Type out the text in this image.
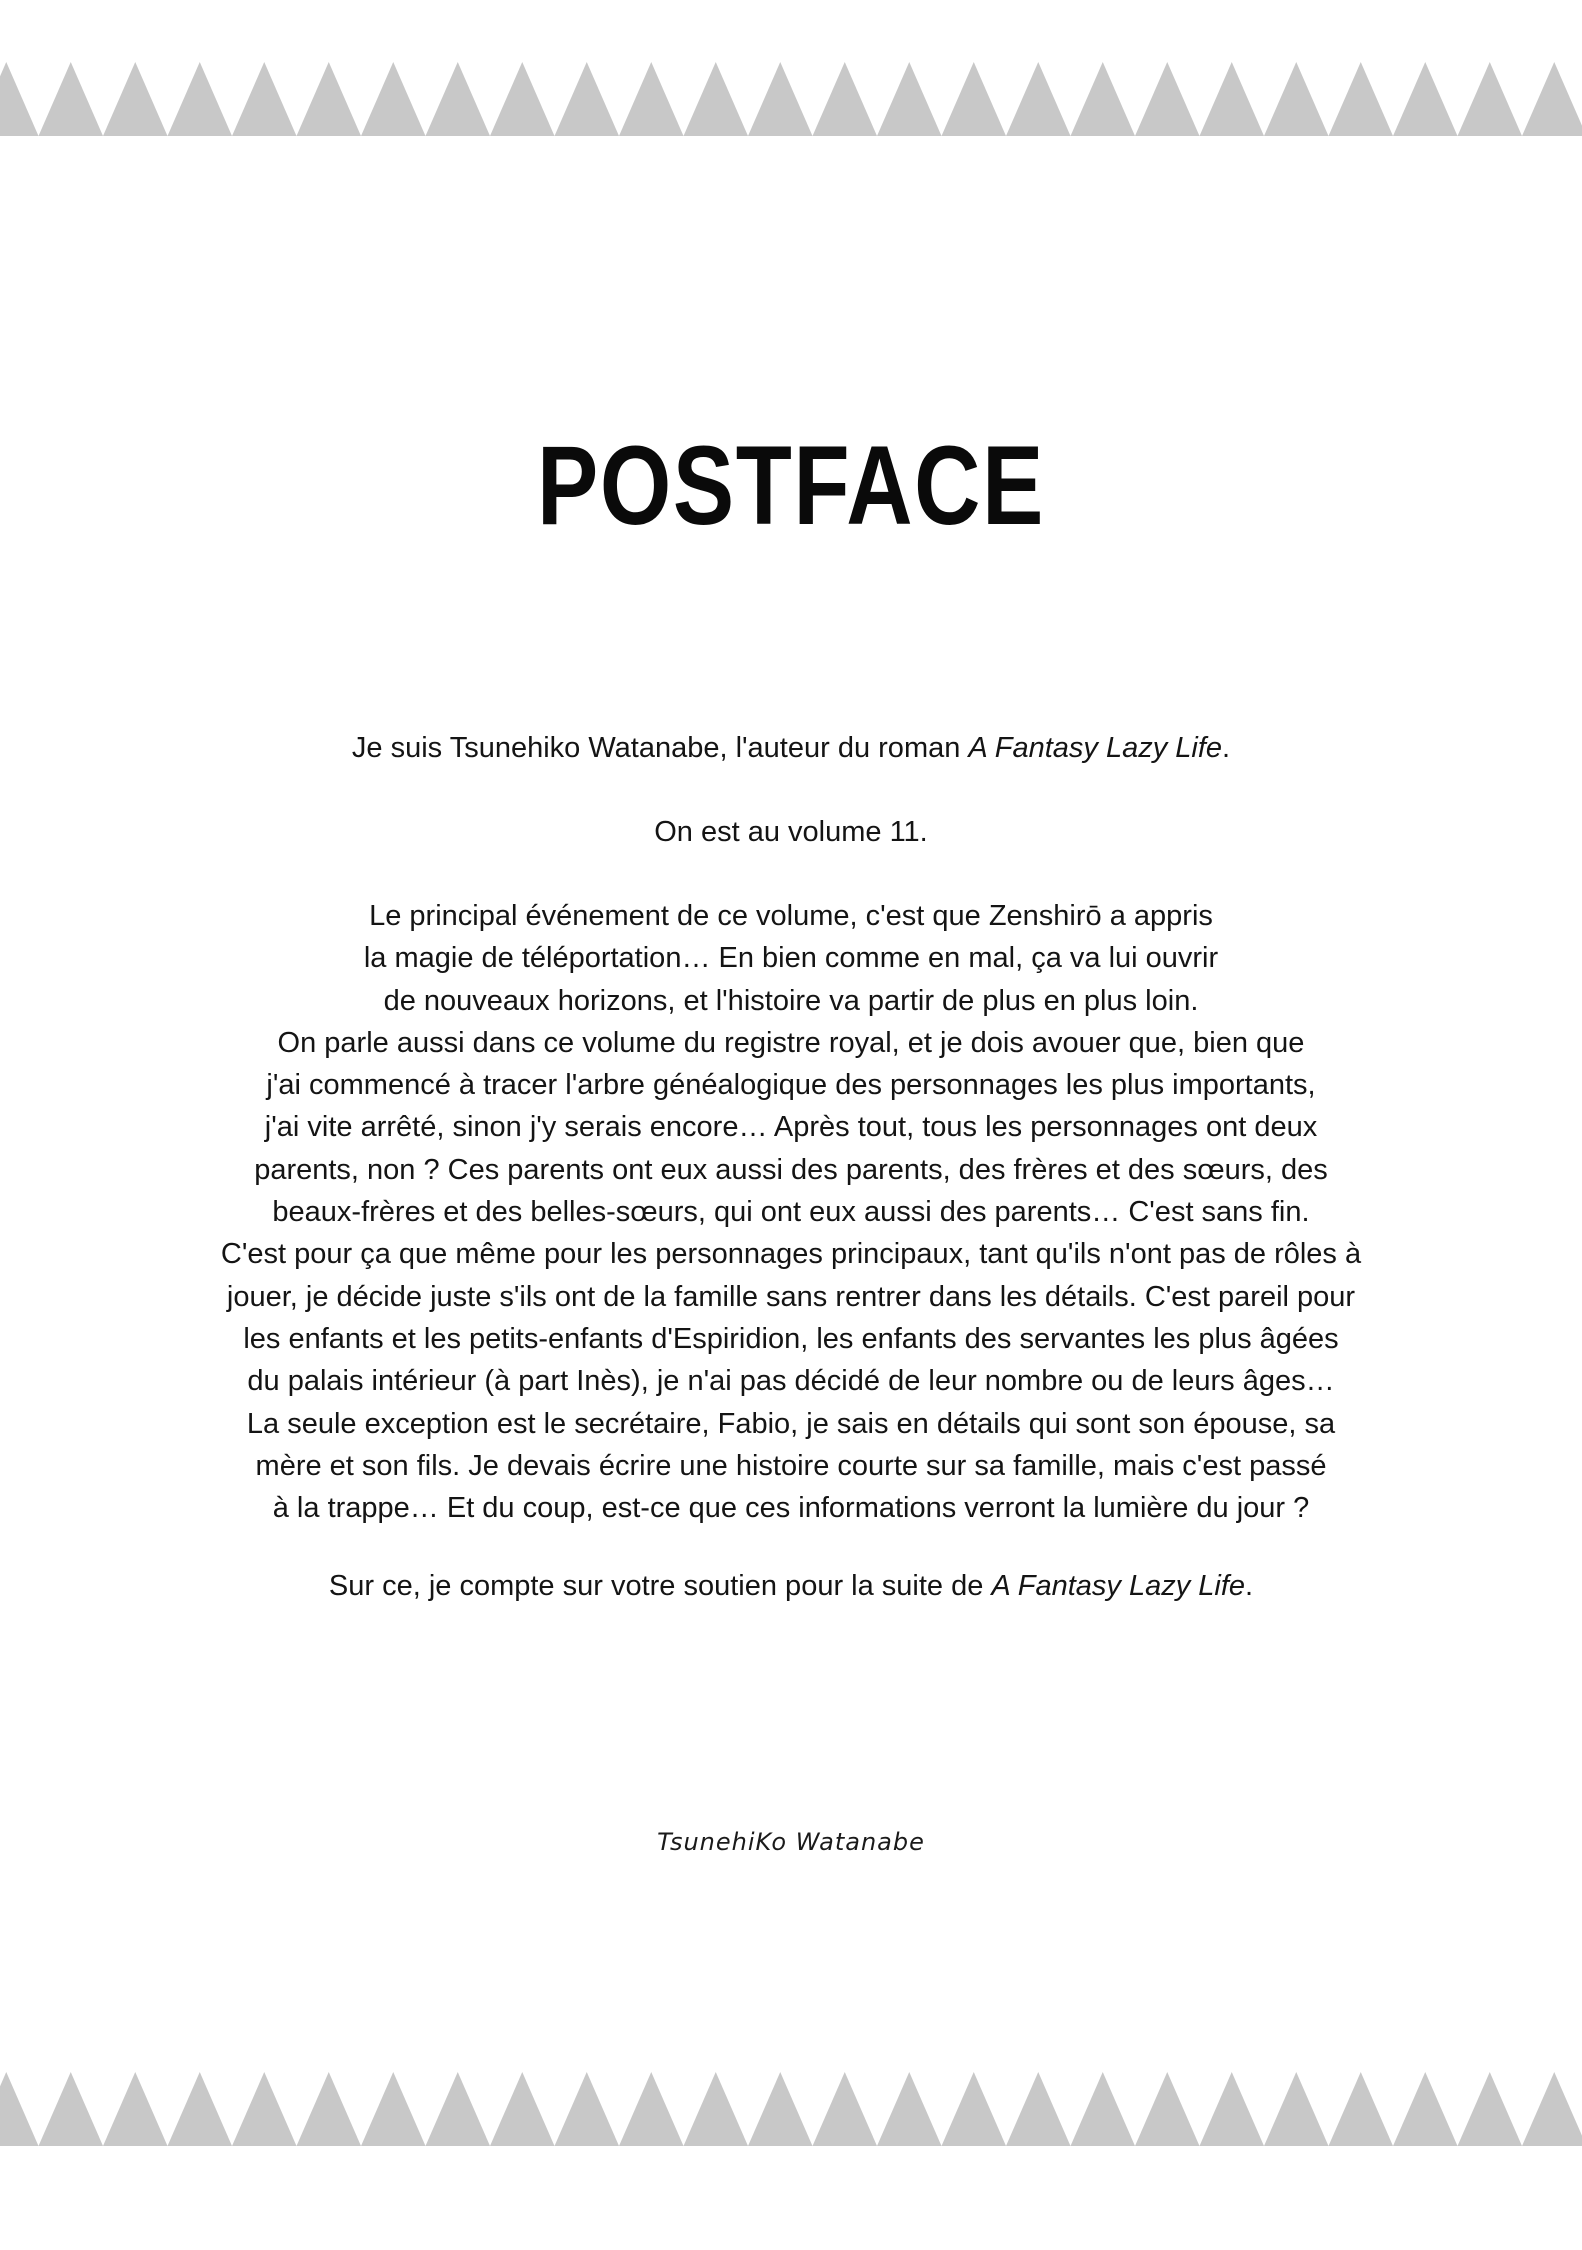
POSTFACE

Je suis Tsunehiko Watanabe, l'auteur du roman A Fantasy Lazy Life.

On est au volume 11.

Le principal événement de ce volume, c'est que Zenshirō a appris
la magie de téléportation… En bien comme en mal, ça va lui ouvrir
de nouveaux horizons, et l'histoire va partir de plus en plus loin.
On parle aussi dans ce volume du registre royal, et je dois avouer que, bien que
j'ai commencé à tracer l'arbre généalogique des personnages les plus importants,
j'ai vite arrêté, sinon j'y serais encore… Après tout, tous les personnages ont deux
parents, non ? Ces parents ont eux aussi des parents, des frères et des sœurs, des
beaux-frères et des belles-sœurs, qui ont eux aussi des parents… C'est sans fin.
C'est pour ça que même pour les personnages principaux, tant qu'ils n'ont pas de rôles à
jouer, je décide juste s'ils ont de la famille sans rentrer dans les détails. C'est pareil pour
les enfants et les petits-enfants d'Espiridion, les enfants des servantes les plus âgées
du palais intérieur (à part Inès), je n'ai pas décidé de leur nombre ou de leurs âges…
La seule exception est le secrétaire, Fabio, je sais en détails qui sont son épouse, sa
mère et son fils. Je devais écrire une histoire courte sur sa famille, mais c'est passé
à la trappe… Et du coup, est-ce que ces informations verront la lumière du jour ?

Sur ce, je compte sur votre soutien pour la suite de A Fantasy Lazy Life.

TsunehiKo Watanabe
